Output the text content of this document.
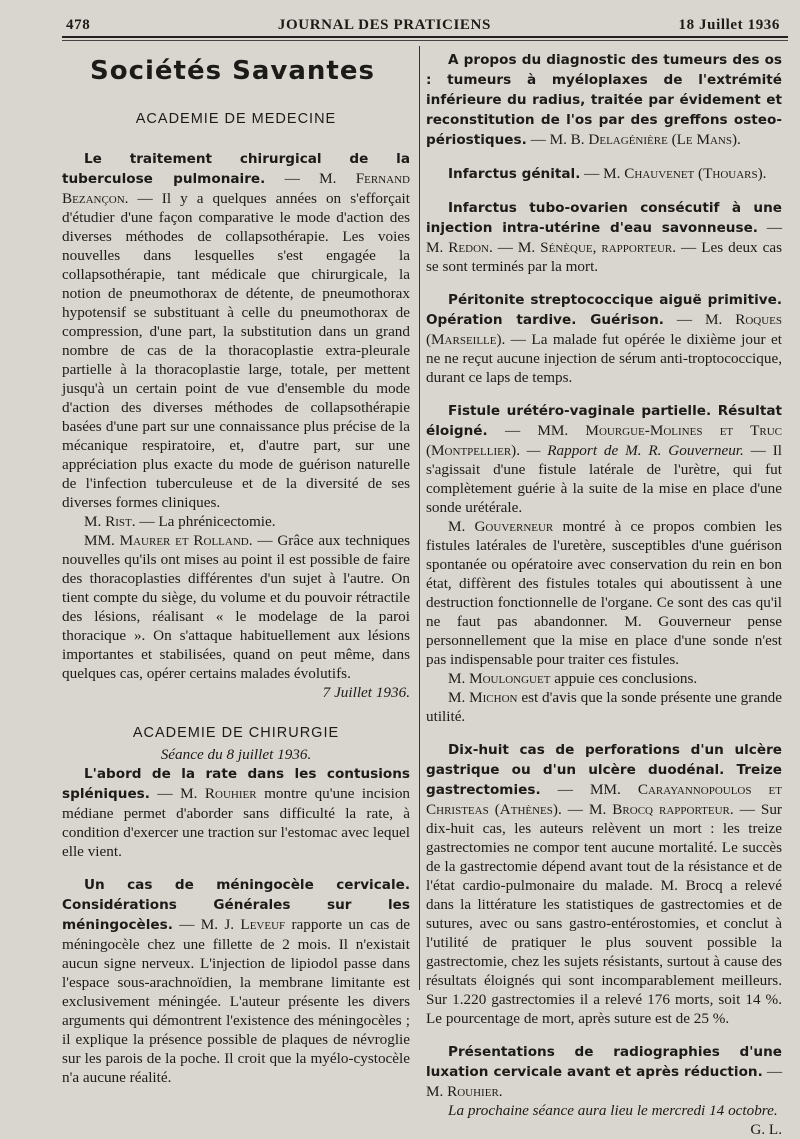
478	JOURNAL DES PRATICIENS	18 Juillet 1936
Sociétés Savantes
ACADEMIE DE MEDECINE

Le traitement chirurgical de la tuberculose pulmonaire. — M. Fernand Bezançon. — Il y a quelques années on s'efforçait d'étudier d'une façon comparative le mode d'action des diverses méthodes de collapsothérapie. Les voies nouvelles dans lesquelles s'est engagée la collapsothérapie, tant médicale que chirurgicale, la notion de pneumothorax de détente, de pneumothorax hypotensif se substituant à celle du pneumothorax de compression, d'une part, la substitution dans un grand nombre de cas de la thoracoplastie extra-pleurale partielle à la thoracoplastie large, totale, per mettent jusqu'à un certain point de vue d'ensemble du mode d'action des diverses méthodes de collapsothérapie basées d'une part sur une connaissance plus précise de la mécanique respiratoire, et, d'autre part, sur une appréciation plus exacte du mode de guérison naturelle de l'infection tuberculeuse et de la diversité de ses diverses formes cliniques.

M. Rist. — La phrénicectomie.

MM. Maurer et Rolland. — Grâce aux techniques nouvelles qu'ils ont mises au point il est possible de faire des thoracoplasties différentes d'un sujet à l'autre. On tient compte du siège, du volume et du pouvoir rétractile des lésions, réalisant « le modelage de la paroi thoracique ». On s'attaque habituellement aux lésions importantes et stabilisées, quand on peut même, dans quelques cas, opérer certains malades évolutifs.

7 Juillet 1936.

ACADEMIE DE CHIRURGIE

Séance du 8 juillet 1936.

L'abord de la rate dans les contusions spléniques. — M. Rouhier montre qu'une incision médiane permet d'aborder sans difficulté la rate, à condition d'exercer une traction sur l'estomac avec lequel elle vient.

Un cas de méningocèle cervicale. Considérations Générales sur les méningocèles. — M. J. Leveuf rapporte un cas de méningocèle chez une fillette de 2 mois. Il n'existait aucun signe nerveux. L'injection de lipiodol passe dans l'espace sous-arachnoïdien, la membrane limitante est exclusivement méningée. L'auteur présente les divers arguments qui démontrent l'existence des méningocèles ; il explique la présence possible de plaques de névroglie sur les parois de la poche. Il croit que la myélo-cystocèle n'a aucune réalité.

A propos du diagnostic des tumeurs des os : tumeurs à myéloplaxes de l'extrémité inférieure du radius, traitée par évidement et reconstitution de l'os par des greffons osteo-périostiques. — M. B. Delagénière (Le Mans).

Infarctus génital. — M. Chauvenet (Thouars).

Infarctus tubo-ovarien consécutif à une injection intra-utérine d'eau savonneuse. — M. Redon. — M. Sénèque, rapporteur. — Les deux cas se sont terminés par la mort.

Péritonite streptococcique aiguë primitive. Opération tardive. Guérison. — M. Roques (Marseille). — La malade fut opérée le dixième jour et ne ne reçut aucune injection de sérum anti-troptococcique, durant ce laps de temps.

Fistule urétéro-vaginale partielle. Résultat éloigné. — MM. Mourgue-Molines et Truc (Montpellier). — Rapport de M. R. Gouverneur. — Il s'agissait d'une fistule latérale de l'urètre, qui fut complètement guérie à la suite de la mise en place d'une sonde urétérale.

M. Gouverneur montré à ce propos combien les fistules latérales de l'uretère, susceptibles d'une guérison spontanée ou opératoire avec conservation du rein en bon état, diffèrent des fistules totales qui aboutissent à une destruction fonctionnelle de l'organe. Ce sont des cas qu'il ne faut pas abandonner. M. Gouverneur pense personnellement que la mise en place d'une sonde n'est pas indispensable pour traiter ces fistules.

M. Moulonguet appuie ces conclusions.

M. Michon est d'avis que la sonde présente une grande utilité.

Dix-huit cas de perforations d'un ulcère gastrique ou d'un ulcère duodénal. Treize gastrectomies. — MM. Carayannopoulos et Christeas (Athènes). — M. Brocq rapporteur. — Sur dix-huit cas, les auteurs relèvent un mort : les treize gastrectomies ne compor tent aucune mortalité. Le succès de la gastrectomie dépend avant tout de la résistance et de l'état cardio-pulmonaire du malade. M. Brocq a relevé dans la littérature les statistiques de gastrectomies et de sutures, avec ou sans gastro-entérostomies, et conclut à l'utilité de pratiquer le plus souvent possible la gastrectomie, chez les sujets résistants, surtout à cause des résultats éloignés qui sont incomparablement meilleurs. Sur 1.220 gastrectomies il a relevé 176 morts, soit 14 %. Le pourcentage de mort, après suture est de 25 %.

Présentations de radiographies d'une luxation cervicale avant et après réduction. — M. Rouhier.

La prochaine séance aura lieu le mercredi 14 octobre.

G. L.
